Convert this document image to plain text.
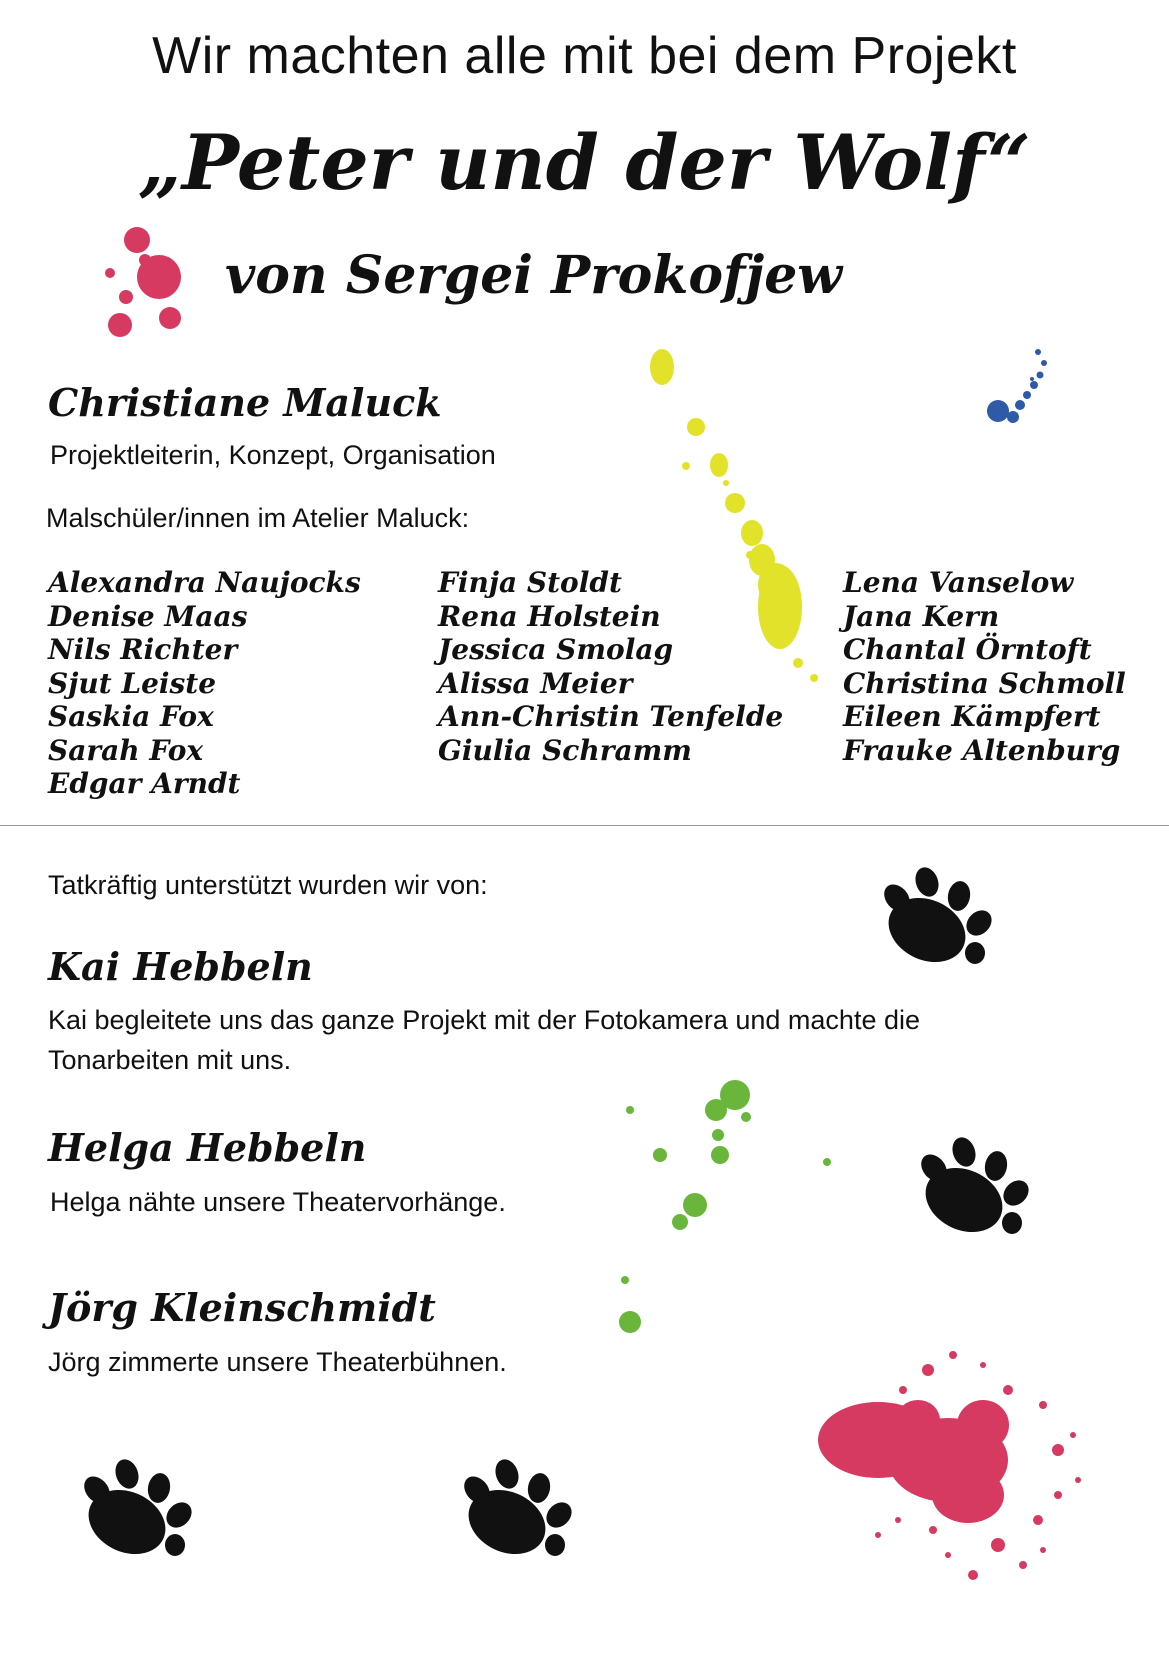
Wir machten alle mit bei dem Projekt
„Peter und der Wolf“
von Sergei Prokofjew
Christiane Maluck
Projektleiterin, Konzept, Organisation
Malschüler/innen im Atelier Maluck:
Alexandra Naujocks
Denise Maas
Nils Richter
Sjut Leiste
Saskia Fox
Sarah Fox
Edgar Arndt
Finja Stoldt
Rena Holstein
Jessica Smolag
Alissa Meier
Ann-Christin Tenfelde
Giulia Schramm
Lena Vanselow
Jana Kern
Chantal Örntoft
Christina Schmoll
Eileen Kämpfert
Frauke Altenburg
Tatkräftig unterstützt wurden wir von:
Kai Hebbeln
Kai begleitete uns das ganze Projekt mit der Fotokamera und machte die
Tonarbeiten mit uns.
Helga Hebbeln
Helga nähte unsere Theatervorhänge.
Jörg Kleinschmidt
Jörg zimmerte unsere Theaterbühnen.
